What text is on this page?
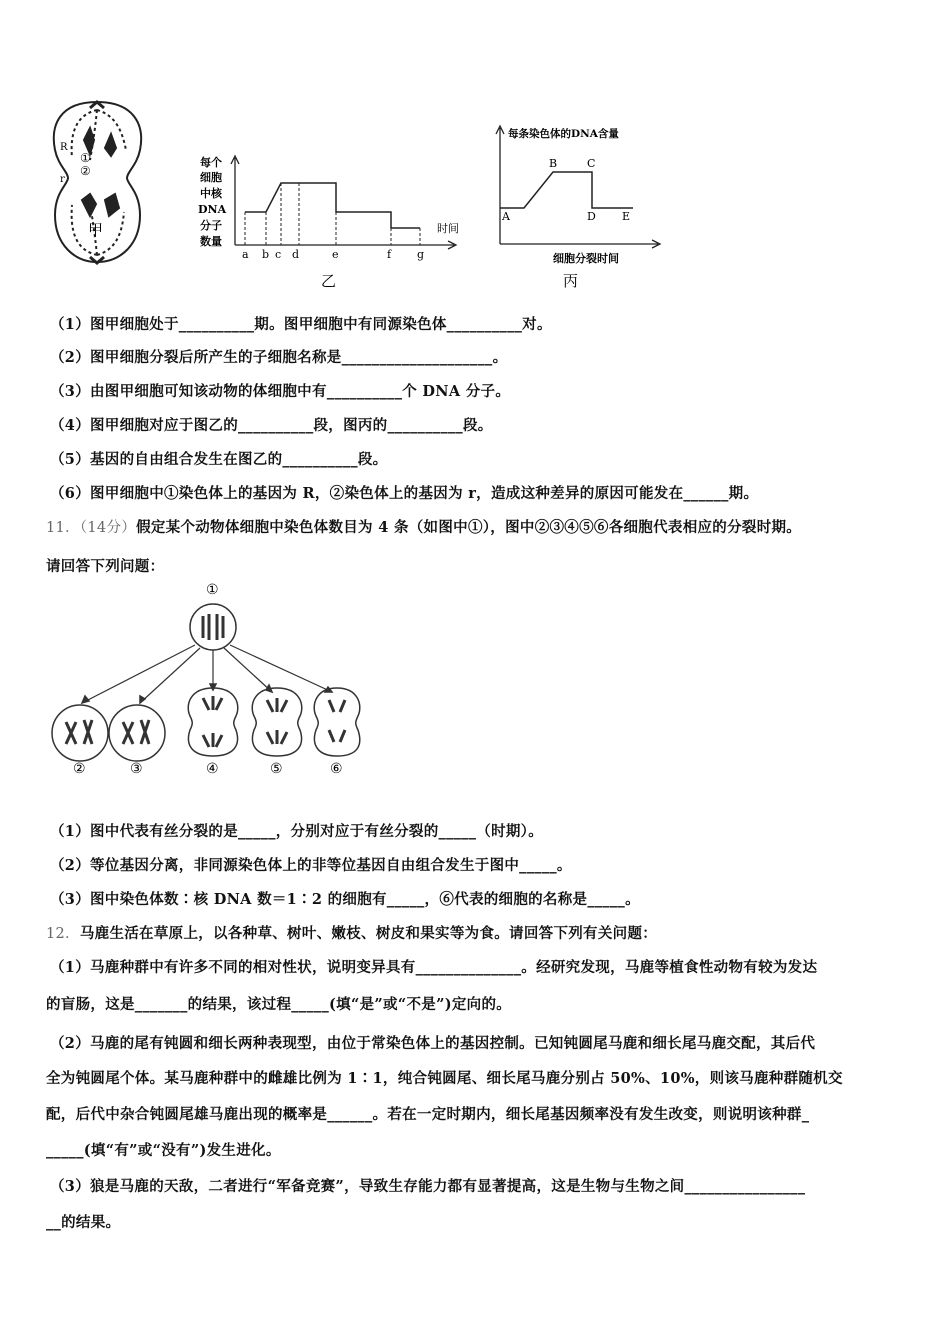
R
r
①
②
甲
每个
细胞
中核
DNA
分子
数量
时间
a b c d	e	f g
乙
每条染色体的DNA含量
细胞分裂时间
A
B	C
D E
丙
（1）图甲细胞处于__________期。图甲细胞中有同源染色体__________对。
（2）图甲细胞分裂后所产生的子细胞名称是____________________。
（3）由图甲细胞可知该动物的体细胞中有__________个 DNA 分子。
（4）图甲细胞对应于图乙的__________段，图丙的__________段。
（5）基因的自由组合发生在图乙的__________段。
（6）图甲细胞中①染色体上的基因为 R，②染色体上的基因为 r，造成这种差异的原因可能发在______期。
11．（14分）假定某个动物体细胞中染色体数目为 4 条（如图中①），图中②③④⑤⑥各细胞代表相应的分裂时期。
请回答下列问题：
①
②	③	④	⑤	⑥
（1）图中代表有丝分裂的是_____，分别对应于有丝分裂的_____（时期）。
（2）等位基因分离，非同源染色体上的非等位基因自由组合发生于图中_____。
（3）图中染色体数∶核 DNA 数＝1∶2 的细胞有_____，⑥代表的细胞的名称是_____。
12．马鹿生活在草原上，以各种草、树叶、嫩枝、树皮和果实等为食。请回答下列有关问题：
（1）马鹿种群中有许多不同的相对性状，说明变异具有______________。经研究发现，马鹿等植食性动物有较为发达
的盲肠，这是_______的结果，该过程_____(填“是”或“不是”)定向的。
（2）马鹿的尾有钝圆和细长两种表现型，由位于常染色体上的基因控制。已知钝圆尾马鹿和细长尾马鹿交配，其后代
全为钝圆尾个体。某马鹿种群中的雌雄比例为 1∶1，纯合钝圆尾、细长尾马鹿分别占 50%、10%，则该马鹿种群随机交
配，后代中杂合钝圆尾雄马鹿出现的概率是______。若在一定时期内，细长尾基因频率没有发生改变，则说明该种群_
_____(填“有”或“没有”)发生进化。
（3）狼是马鹿的天敌，二者进行“军备竞赛”，导致生存能力都有显著提高，这是生物与生物之间________________
__的结果。
